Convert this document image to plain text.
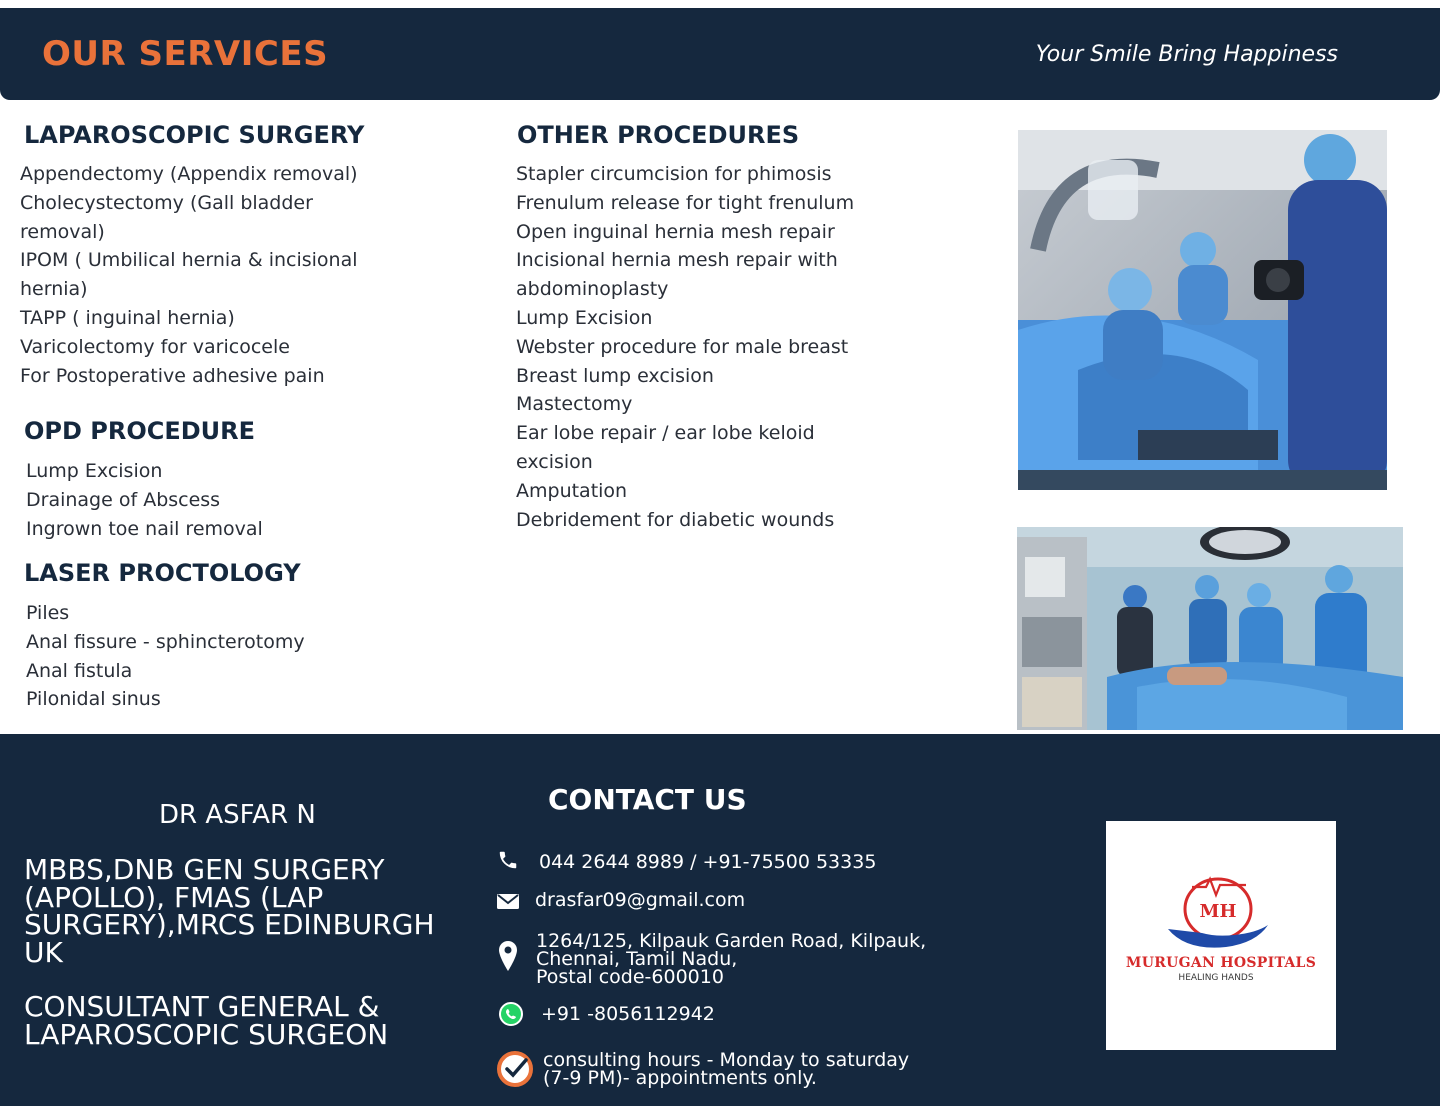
OUR SERVICES	Your Smile Bring Happiness
LAPAROSCOPIC SURGERY
Appendectomy (Appendix removal)
Cholecystectomy (Gall bladder removal)
IPOM ( Umbilical hernia & incisional hernia)
TAPP ( inguinal hernia)
Varicolectomy for varicocele
For Postoperative adhesive pain
OPD PROCEDURE
Lump Excision
Drainage of Abscess
Ingrown toe nail removal
LASER PROCTOLOGY
Piles
Anal fissure - sphincterotomy
Anal fistula
Pilonidal sinus
OTHER PROCEDURES
Stapler circumcision for phimosis
Frenulum release for tight frenulum
Open inguinal hernia mesh repair
Incisional hernia mesh repair with abdominoplasty
Lump Excision
Webster procedure for male breast
Breast lump excision
Mastectomy
Ear lobe repair / ear lobe keloid excision
Amputation
Debridement for diabetic wounds
DR ASFAR N
MBBS,DNB GEN SURGERY (APOLLO), FMAS (LAP SURGERY),MRCS EDINBURGH UK
CONSULTANT GENERAL & LAPAROSCOPIC SURGEON
CONTACT US
044 2644 8989 / +91-75500 53335
drasfar09@gmail.com
1264/125, Kilpauk Garden Road, Kilpauk,
Chennai, Tamil Nadu,
Postal code-600010
+91 -8056112942
consulting hours - Monday to saturday
(7-9 PM)- appointments only.
MH
MURUGAN HOSPITALS
HEALING HANDS
